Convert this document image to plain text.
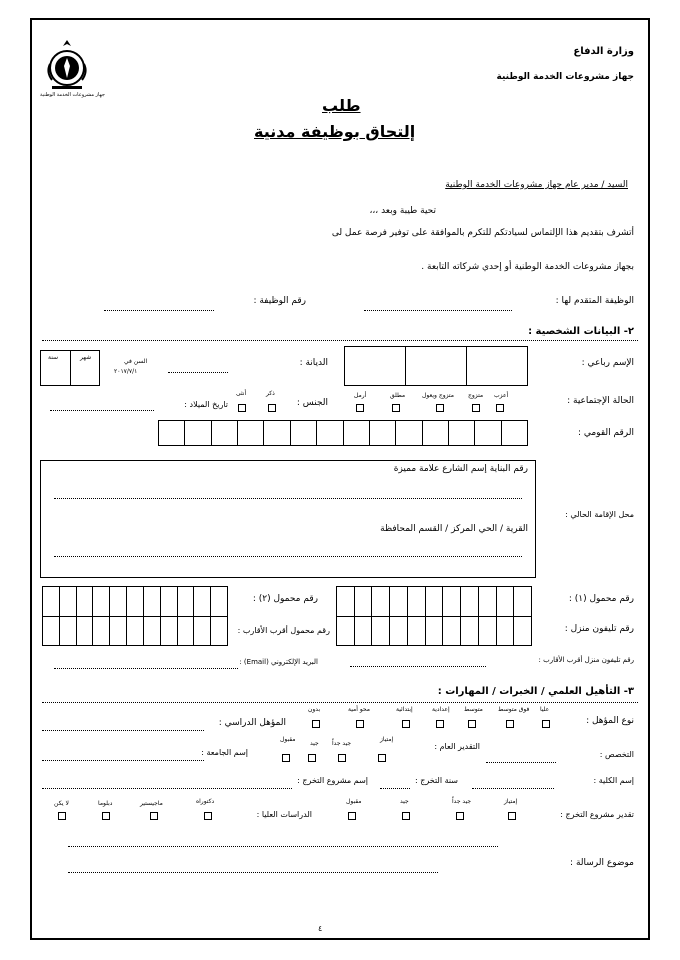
جهاز مشروعات الخدمة الوطنية
وزارة الدفاع
جهاز مشروعات الخدمة الوطنية
طلب
إلتحاق بوظيفة مدنية
السيد / مدير عام جهاز مشروعات الخدمة الوطنية
تحية طيبة وبعد ،،،
أتشرف بتقديم هذا الإلتماس لسيادتكم للتكرم بالموافقة على توفير فرصة عمل لى
بجهاز مشروعات الخدمة الوطنية أو إحدي شركاته التابعة .
الوظيفة المتقدم لها :
رقم الوظيفة :
٢- البيانات الشخصية :
الإسم رباعي :
الديانة :
السن في
٢٠١٧/٧/١
شهر
سنة
الحالة الإجتماعية :
أعزب
متزوج
متزوج ويعول
مطلق
أرمل
الجنس :
ذكر
أنثى
تاريخ الميلاد :
الرقم القومي :
محل الإقامة الحالي :
رقم البناية إسم الشارع علامة مميزة
القرية / الحي المركز / القسم المحافظة
رقم محمول (١) :
رقم تليفون منزل :
رقم محمول (٢) :
رقم محمول أقرب الأقارب :
رقم تليفون منزل أقرب الأقارب :
البريد الإلكتروني (Email) :
٣- التأهيل العلمي / الخبرات / المهارات :
نوع المؤهل :
عليا
فوق متوسط
متوسط
إعدادية
إبتدائية
محو أمية
بدون
المؤهل الدراسي :
التخصص :
التقدير العام :
إمتياز
جيد جداً
جيد
مقبول
إسم الجامعة :
إسم الكلية :
سنة التخرج :
إسم مشروع التخرج :
تقدير مشروع التخرج :
إمتياز
جيد جداً
جيد
مقبول
الدراسات العليا :
دكتوراه
ماجيستير
دبلوما
لا يكن
موضوع الرسالة :
٤
